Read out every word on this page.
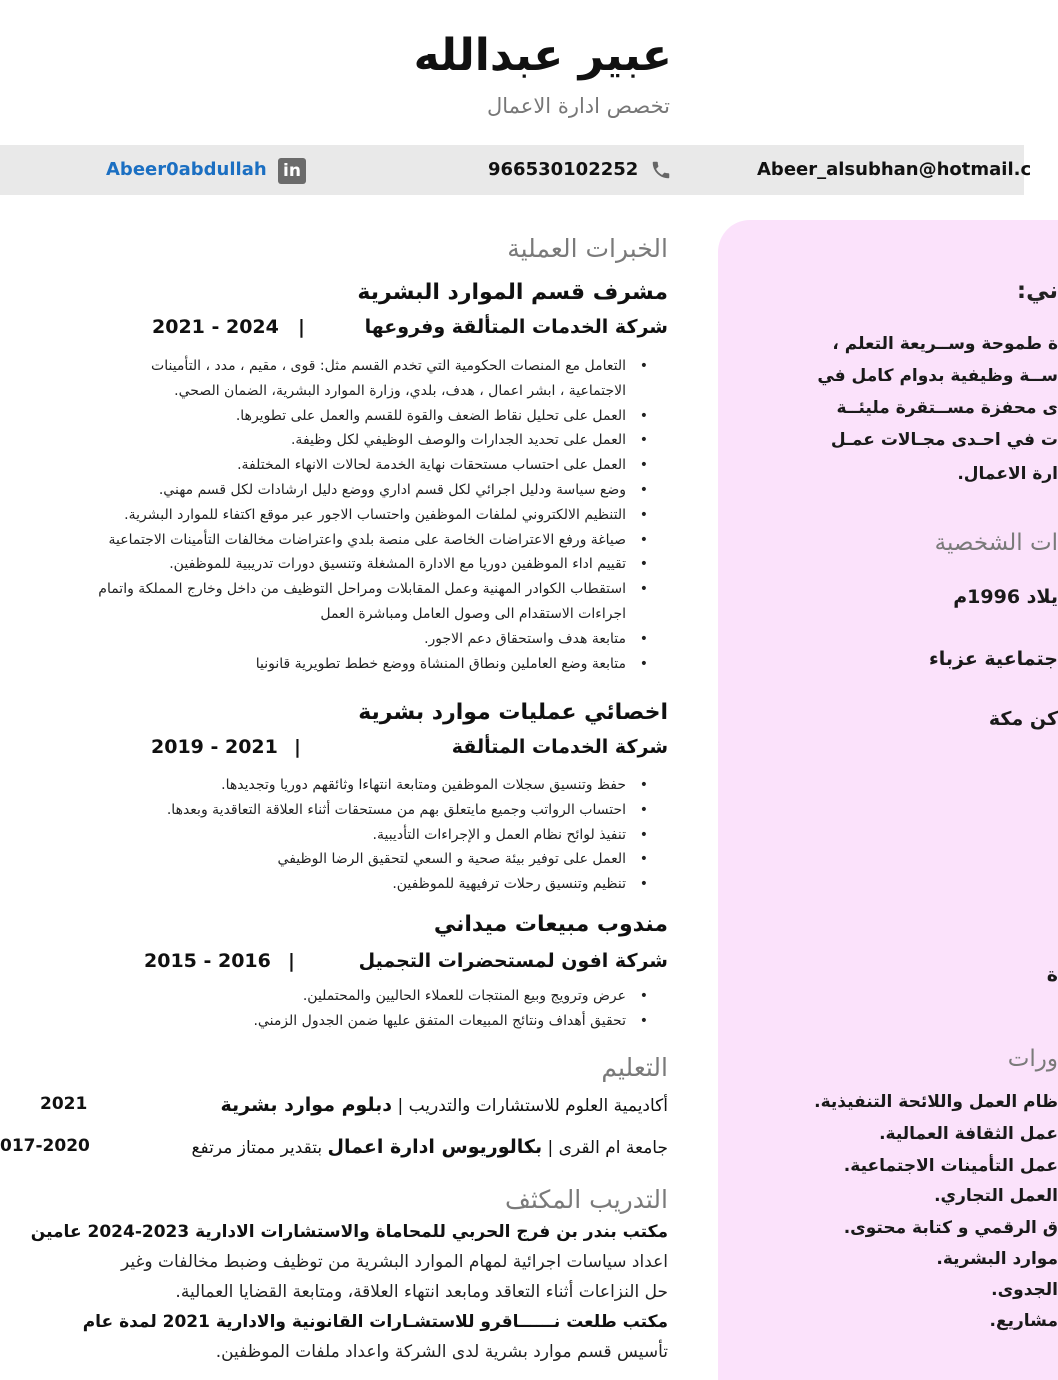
عبير عبدالله
تخصص ادارة الاعمال
Abeer_alsubhan@hotmail.c
966530102252
in
Abeer0abdullah
ني:
ة طموحة وســريعة التعلم ،
ســة وظيفية بدوام كامل في
ى محفزة مســتقرة مليئــة
ت في احـدى مجـالات عمـل
ارة الاعمال.
ات الشخصية
يلاد 1996م
جتماعية عزباء
كن مكة
ة
ورات
ظام العمل واللائحة التنفيذية.
عمل الثقافة العمالية.
عمل التأمينات الاجتماعية.
العمل التجاري.
ق الرقمي و كتابة محتوى.
موارد البشرية.
الجدوى.
مشاريع.
الخبرات العملية
مشرف قسم الموارد البشرية
شركة الخدمات المتألقة وفروعها
|
2021 - 2024
• التعامل مع المنصات الحكومية التي تخدم القسم مثل: قوى ، مقيم ، مدد ، التأمينات
الاجتماعية ، ابشر اعمال ، هدف، بلدي، وزارة الموارد البشرية، الضمان الصحي.
• العمل على تحليل نقاط الضعف والقوة للقسم والعمل على تطويرها.
• العمل على تحديد الجدارات والوصف الوظيفي لكل وظيفة.
• العمل على احتساب مستحقات نهاية الخدمة لحالات الانهاء المختلفة.
• وضع سياسة ودليل اجرائي لكل قسم اداري ووضع دليل ارشادات لكل قسم مهني.
• التنظيم الالكتروني لملفات الموظفين واحتساب الاجور عبر موقع اكتفاء للموارد البشرية.
• صياغة ورفع الاعتراضات الخاصة على منصة بلدي واعتراضات مخالفات التأمينات الاجتماعية
• تقييم اداء الموظفين دوريا مع الادارة المشغلة وتنسيق دورات تدريبية للموظفين.
• استقطاب الكوادر المهنية وعمل المقابلات ومراحل التوظيف من داخل وخارج المملكة واتمام
اجراءات الاستقدام الى وصول العامل ومباشرة العمل
• متابعة هدف واستحقاق دعم الاجور.
• متابعة وضع العاملين ونطاق المنشاة ووضع خطط تطويرية قانونيا
اخصائي عمليات موارد بشرية
شركة الخدمات المتألقة
|
2019 - 2021
• حفظ وتنسيق سجلات الموظفين ومتابعة انتهاءا وثائقهم دوريا وتجديدها.
• احتساب الرواتب وجميع مايتعلق بهم من مستحقات أثناء العلاقة التعاقدية وبعدها.
• تنفيذ لوائح نظام العمل و الإجراءات التأديبية.
• العمل على توفير بيئة صحية و السعي لتحقيق الرضا الوظيفي
• تنظيم وتنسيق رحلات ترفيهية للموظفين.
مندوب مبيعات ميداني
شركة افون لمستحضرات التجميل
|
2015 - 2016
• عرض وترويج وبيع المنتجات للعملاء الحاليين والمحتملين.
• تحقيق أهداف ونتائج المبيعات المتفق عليها ضمن الجدول الزمني.
التعليم
أكاديمية العلوم للاستشارات والتدريب | دبلوم موارد بشرية
2021
جامعة ام القرى | بكالوريوس ادارة اعمال بتقدير ممتاز مرتفع
017-2020
التدريب المكثف
مكتب بندر بن فرج الحربي للمحاماة والاستشارات الادارية 2023-2024 عامين
اعداد سياسات اجرائية لمهام الموارد البشرية من توظيف وضبط مخالفات وغير
حل النزاعات أثناء التعاقد ومابعد انتهاء العلاقة، ومتابعة القضايا العمالية.
مكتب طلعت نــــــاقرو للاستشـارات القانونية والادارية 2021 لمدة عام
تأسيس قسم موارد بشرية لدى الشركة واعداد ملفات الموظفين.
